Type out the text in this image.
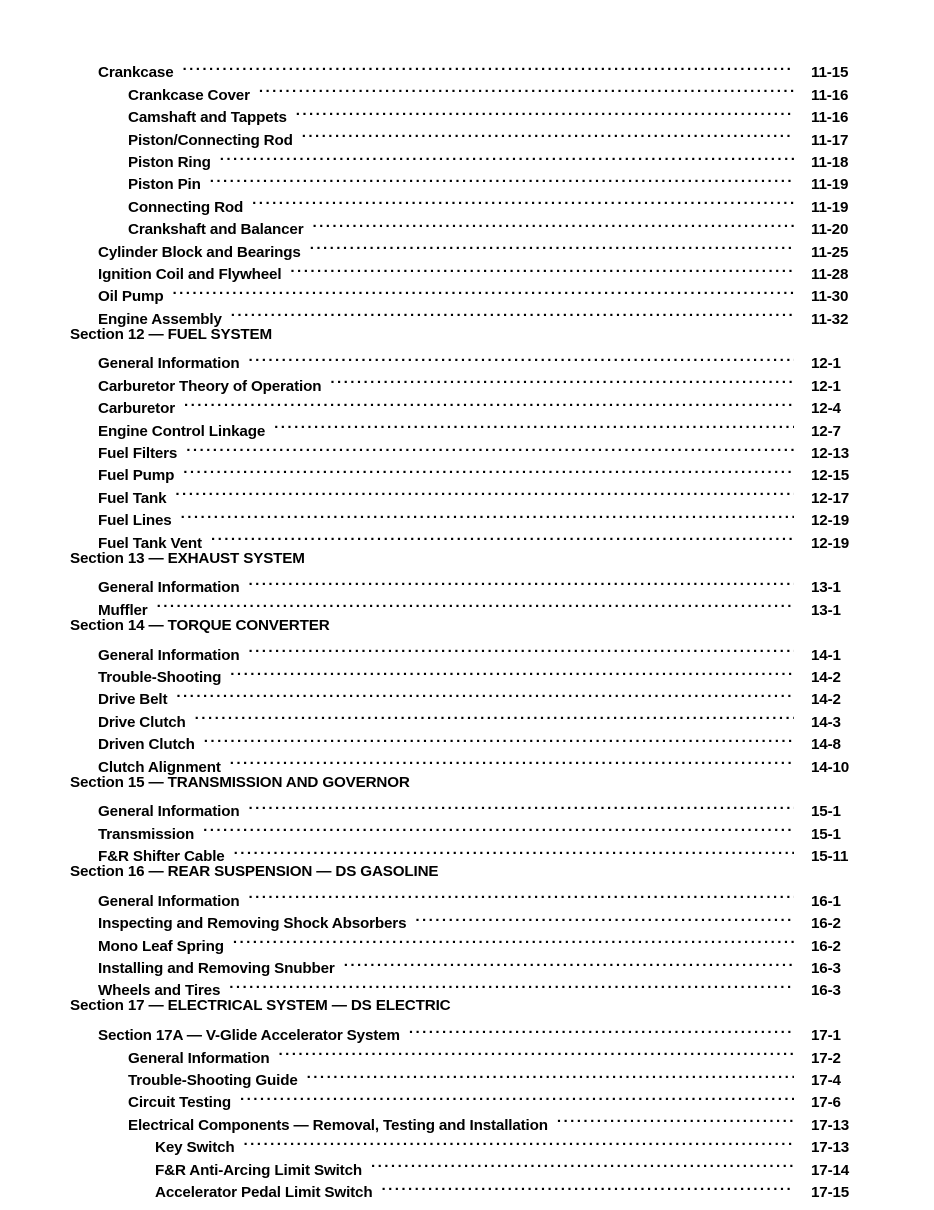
Crankcase . . .	11-15
Crankcase Cover . . .	11-16
Camshaft and Tappets . . .	11-16
Piston/Connecting Rod . . .	11-17
Piston Ring . . .	11-18
Piston Pin . . .	11-19
Connecting Rod . . .	11-19
Crankshaft and Balancer . . .	11-20
Cylinder Block and Bearings . . .	11-25
Ignition Coil and Flywheel . . .	11-28
Oil Pump . . .	11-30
Engine Assembly . . .	11-32
Section 12 — FUEL SYSTEM
General Information . . .	12-1
Carburetor Theory of Operation . . .	12-1
Carburetor . . .	12-4
Engine Control Linkage . . .	12-7
Fuel Filters . . .	12-13
Fuel Pump . . .	12-15
Fuel Tank . . .	12-17
Fuel Lines . . .	12-19
Fuel Tank Vent . . .	12-19
Section 13 — EXHAUST SYSTEM
General Information . . .	13-1
Muffler . . .	13-1
Section 14 — TORQUE CONVERTER
General Information . . .	14-1
Trouble-Shooting . . .	14-2
Drive Belt . . .	14-2
Drive Clutch . . .	14-3
Driven Clutch . . .	14-8
Clutch Alignment . . .	14-10
Section 15 — TRANSMISSION AND GOVERNOR
General Information . . .	15-1
Transmission . . .	15-1
F&R Shifter Cable . . .	15-11
Section 16 — REAR SUSPENSION — DS GASOLINE
General Information . . .	16-1
Inspecting and Removing Shock Absorbers . . .	16-2
Mono Leaf Spring . . .	16-2
Installing and Removing Snubber . . .	16-3
Wheels and Tires . . .	16-3
Section 17 — ELECTRICAL SYSTEM — DS ELECTRIC
Section 17A — V-Glide Accelerator System . . .	17-1
General Information . . .	17-2
Trouble-Shooting Guide . . .	17-4
Circuit Testing . . .	17-6
Electrical Components — Removal, Testing and Installation . . .	17-13
Key Switch . . .	17-13
F&R Anti-Arcing Limit Switch . . .	17-14
Accelerator Pedal Limit Switch . . .	17-15
